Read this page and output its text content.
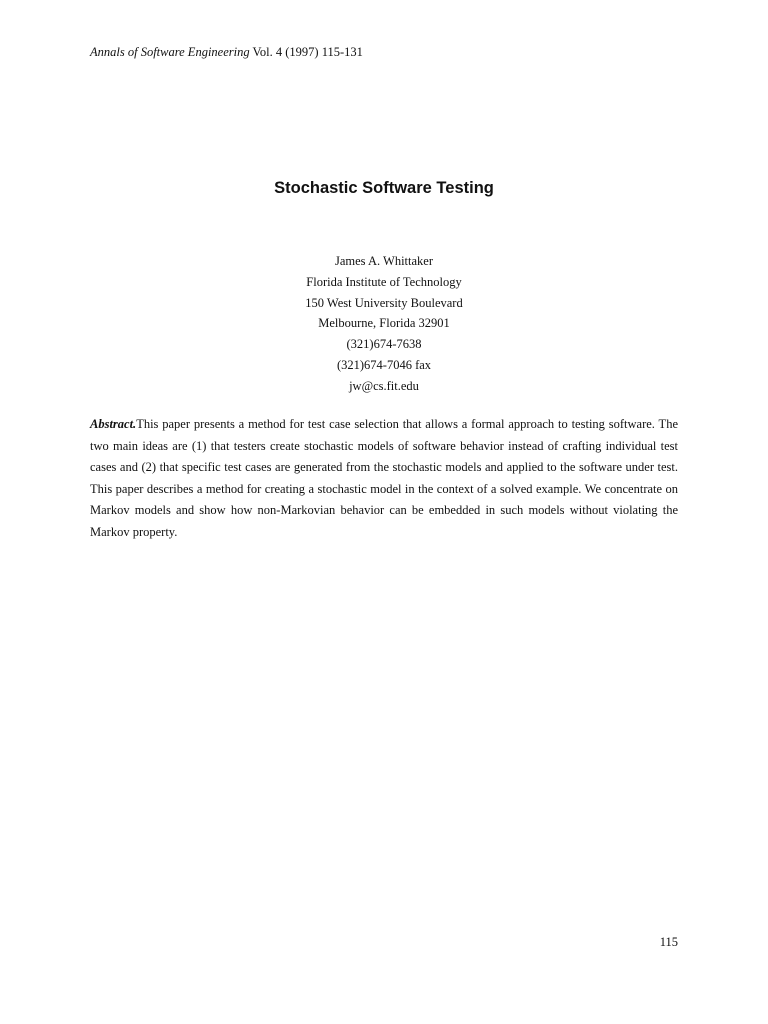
Annals of Software Engineering Vol. 4 (1997) 115-131
Stochastic Software Testing
James A. Whittaker
Florida Institute of Technology
150 West University Boulevard
Melbourne, Florida 32901
(321)674-7638
(321)674-7046 fax
jw@cs.fit.edu

Abstract.This paper presents a method for test case selection that allows a formal approach to testing software. The two main ideas are (1) that testers create stochastic models of software behavior instead of crafting individual test cases and (2) that specific test cases are generated from the stochastic models and applied to the software under test. This paper describes a method for creating a stochastic model in the context of a solved example. We concentrate on Markov models and show how non-Markovian behavior can be embedded in such models without violating the Markov property.

115
